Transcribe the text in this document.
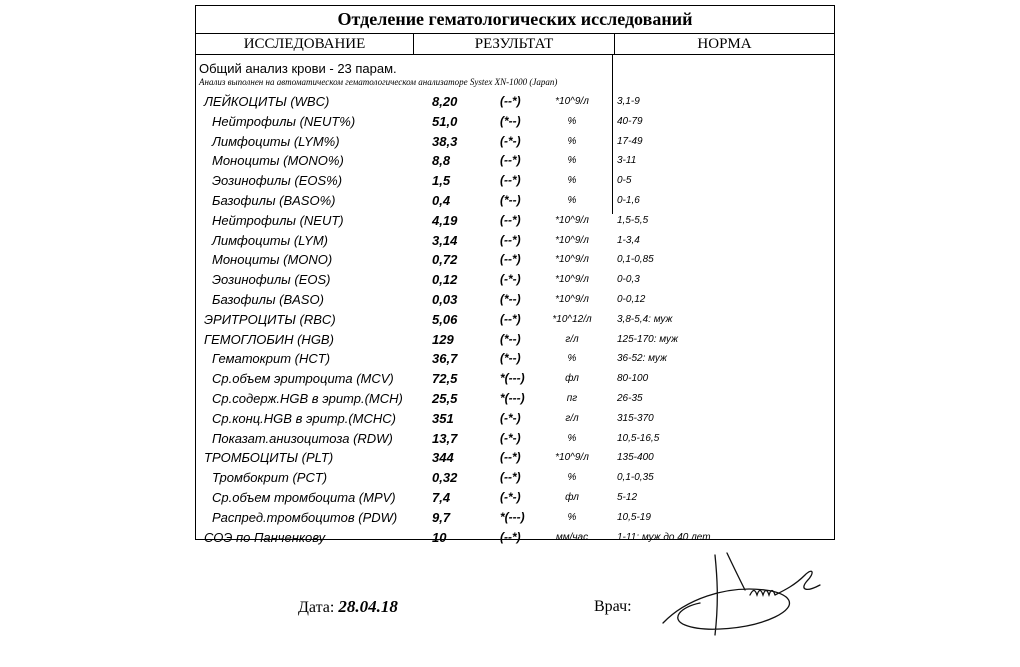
Отделение гематологических исследований
ИССЛЕДОВАНИЕ	РЕЗУЛЬТАТ	НОРМА
Общий анализ крови - 23 парам.
Анализ выполнен на автоматическом гематологическом анализаторе Systex XN-1000 (Japan)
ЛЕЙКОЦИТЫ (WBC)	8,20	(--*)	*10^9/л	3,1-9
Нейтрофилы (NEUT%)	51,0	(*--)	%	40-79
Лимфоциты (LYM%)	38,3	(-*-)	%	17-49
Моноциты (MONO%)	8,8	(--*)	%	3-11
Эозинофилы (EOS%)	1,5	(--*)	%	0-5
Базофилы (BASO%)	0,4	(*--)	%	0-1,6
Нейтрофилы (NEUT)	4,19	(--*)	*10^9/л	1,5-5,5
Лимфоциты (LYM)	3,14	(--*)	*10^9/л	1-3,4
Моноциты (MONO)	0,72	(--*)	*10^9/л	0,1-0,85
Эозинофилы (EOS)	0,12	(-*-)	*10^9/л	0-0,3
Базофилы (BASO)	0,03	(*--)	*10^9/л	0-0,12
ЭРИТРОЦИТЫ (RBC)	5,06	(--*)	*10^12/л	3,8-5,4: муж
ГЕМОГЛОБИН (HGB)	129	(*--)	г/л	125-170: муж
Гематокрит (HCT)	36,7	(*--)	%	36-52: муж
Ср.объем эритроцита (MCV)	72,5	*(---)	фл	80-100
Ср.содерж.HGB в эритр.(MCH) 25,5	*(---)	пг	26-35
Ср.конц.HGB в эритр.(MCHC)	351	(-*-)	г/л	315-370
Показат.анизоцитоза (RDW)	13,7	(-*-)	%	10,5-16,5
ТРОМБОЦИТЫ (PLT)	344	(--*)	*10^9/л	135-400
Тромбокрит (PCT)	0,32	(--*)	%	0,1-0,35
Ср.объем тромбоцита (MPV)	7,4	(-*-)	фл	5-12
Распред.тромбоцитов (PDW)	9,7	*(---)	%	10,5-19
СОЭ по Панченкову	10	(--*)	мм/час	1-11: муж до 40 лет
Дата: 28.04.18	Врач:
